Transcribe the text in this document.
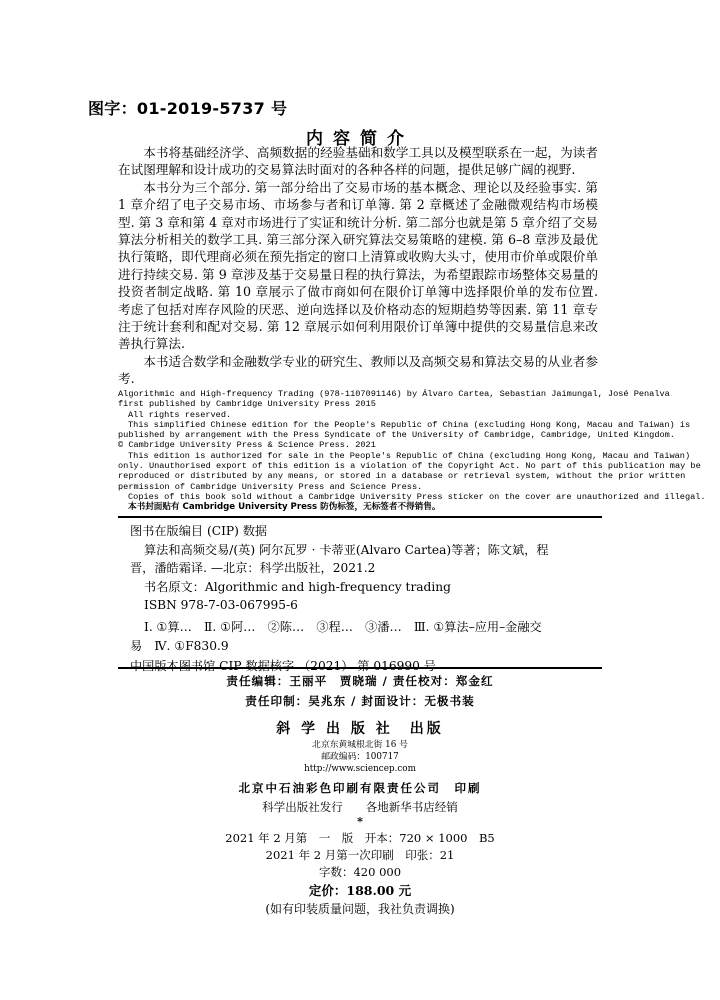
图字：01-2019-5737 号
内容简介

本书将基础经济学、高频数据的经验基础和数学工具以及模型联系在一起，为读者在试图理解和设计成功的交易算法时面对的各种各样的问题，提供足够广阔的视野.

本书分为三个部分. 第一部分给出了交易市场的基本概念、理论以及经验事实. 第 1 章介绍了电子交易市场、市场参与者和订单簿. 第 2 章概述了金融微观结构市场模型. 第 3 章和第 4 章对市场进行了实证和统计分析. 第二部分也就是第 5 章介绍了交易算法分析相关的数学工具. 第三部分深入研究算法交易策略的建模. 第 6–8 章涉及最优执行策略，即代理商必须在预先指定的窗口上清算或收购大头寸，使用市价单或限价单进行持续交易. 第 9 章涉及基于交易量日程的执行算法，为希望跟踪市场整体交易量的投资者制定战略. 第 10 章展示了做市商如何在限价订单簿中选择限价单的发布位置. 考虑了包括对库存风险的厌恶、逆向选择以及价格动态的短期趋势等因素. 第 11 章专注于统计套利和配对交易. 第 12 章展示如何利用限价订单簿中提供的交易量信息来改善执行算法.

本书适合数学和金融数学专业的研究生、教师以及高频交易和算法交易的从业者参考.

Algorithmic and High-frequency Trading (978-1107091146) by Álvaro Cartea, Sebastian Jaimungal, José Penalva
first published by Cambridge University Press 2015
All rights reserved.
This simplified Chinese edition for the People's Republic of China (excluding Hong Kong, Macau and Taiwan) is
published by arrangement with the Press Syndicate of the University of Cambridge, Cambridge, United Kingdom.
© Cambridge University Press & Science Press. 2021
This edition is authorized for sale in the People's Republic of China (excluding Hong Kong, Macau and Taiwan)
only. Unauthorised export of this edition is a violation of the Copyright Act. No part of this publication may be
reproduced or distributed by any means, or stored in a database or retrieval system, without the prior written
permission of Cambridge University Press and Science Press.
Copies of this book sold without a Cambridge University Press sticker on the cover are unauthorized and illegal.
本书封面贴有 Cambridge University Press 防伪标签，无标签者不得销售。
图书在版编目 (CIP) 数据
算法和高频交易/(英) 阿尔瓦罗 · 卡蒂亚(Alvaro Cartea)等著；陈文斌，程
晋，潘皓霜译. —北京：科学出版社，2021.2
书名原文：Algorithmic and high-frequency trading
ISBN 978-7-03-067995-6
Ⅰ. ①算…　Ⅱ. ①阿…　②陈…　③程…　③潘…　Ⅲ. ①算法–应用–金融交
易　Ⅳ. ①F830.9
中国版本图书馆 CIP 数据核字 （2021） 第 016990 号
责任编辑：王丽平　贾晓瑞 / 责任校对：郑金红
责任印制：吴兆东 / 封面设计：无极书装
斜 学 出 版 社　出版
北京东黄城根北街 16 号
邮政编码：100717
http://www.sciencep.com
北京中石油彩色印刷有限责任公司　印刷
科学出版社发行　　各地新华书店经销
*
2021 年 2 月第　一　版　开本：720 × 1000　B5
2021 年 2 月第一次印刷　印张：21
字数：420 000
定价：188.00 元
(如有印装质量问题，我社负责调换)
